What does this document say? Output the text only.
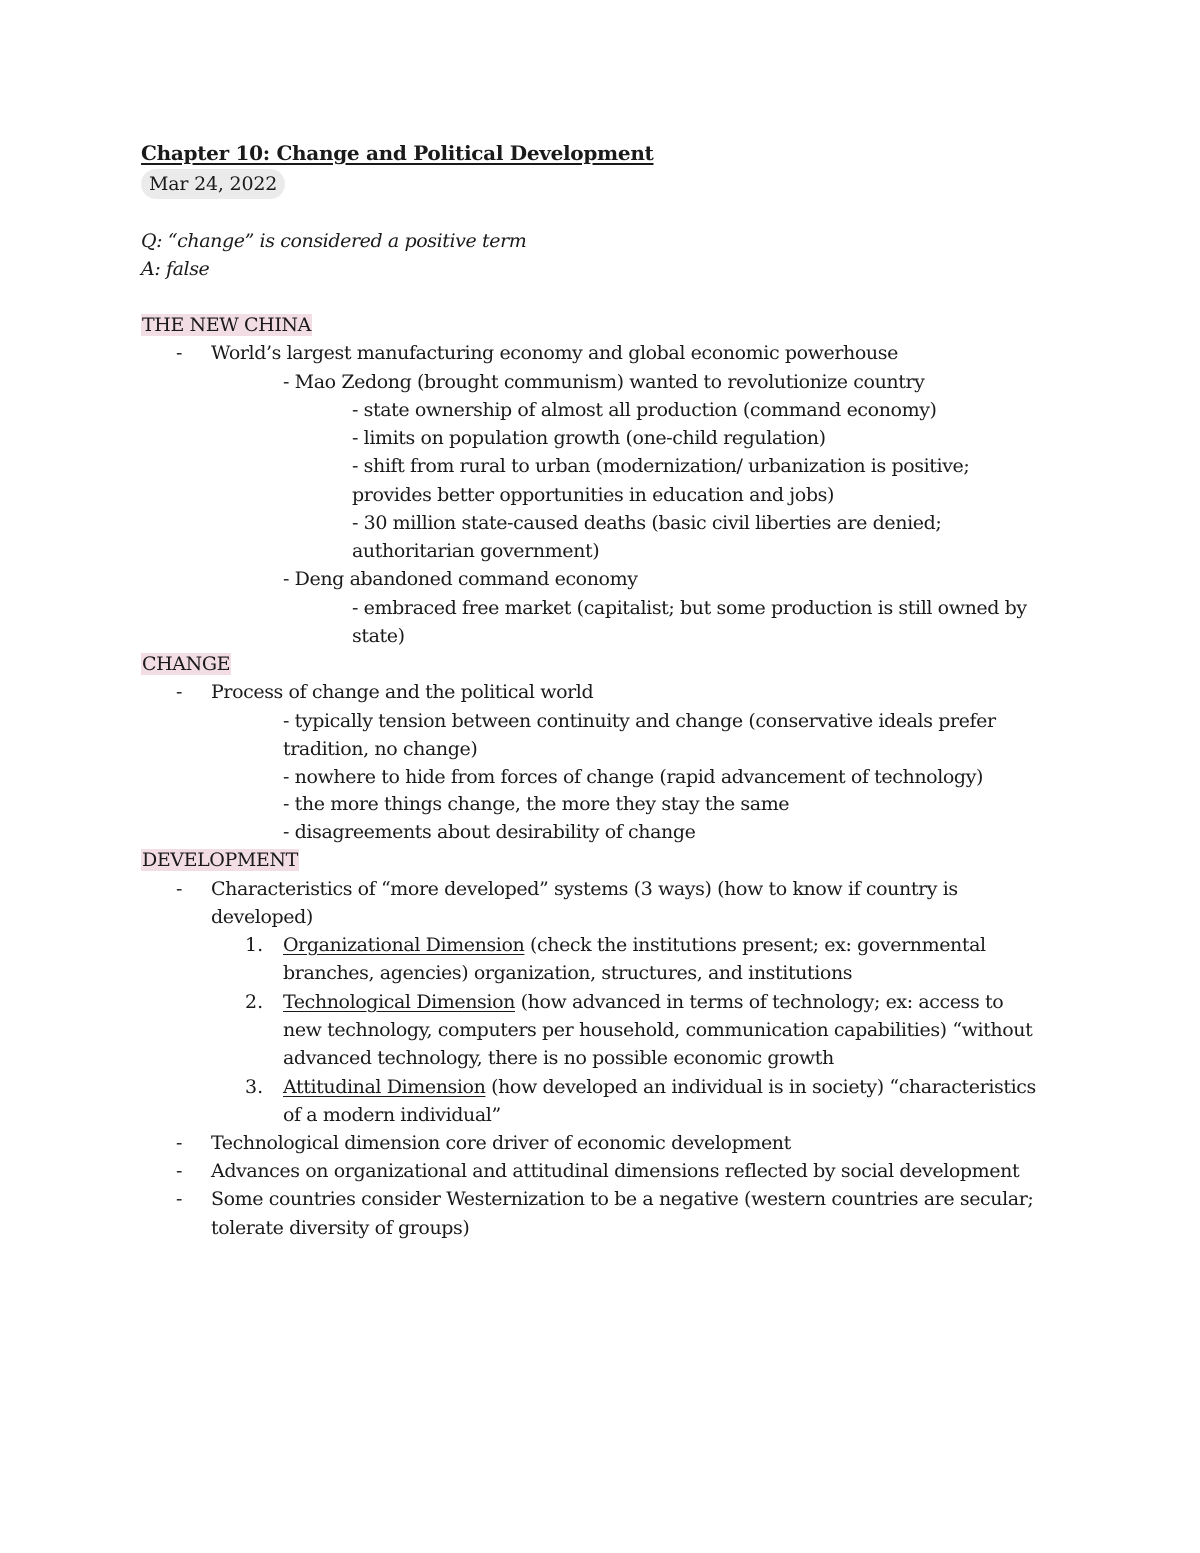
Chapter 10: Change and Political Development
Mar 24, 2022
Q: “change” is considered a positive term
A: false
THE NEW CHINA
- World’s largest manufacturing economy and global economic powerhouse
- Mao Zedong (brought communism) wanted to revolutionize country
- state ownership of almost all production (command economy)
- limits on population growth (one-child regulation)
- shift from rural to urban (modernization/ urbanization is positive;
provides better opportunities in education and jobs)
- 30 million state-caused deaths (basic civil liberties are denied;
authoritarian government)
- Deng abandoned command economy
- embraced free market (capitalist; but some production is still owned by
state)
CHANGE
- Process of change and the political world
- typically tension between continuity and change (conservative ideals prefer
tradition, no change)
- nowhere to hide from forces of change (rapid advancement of technology)
- the more things change, the more they stay the same
- disagreements about desirability of change
DEVELOPMENT
- Characteristics of “more developed” systems (3 ways) (how to know if country is
developed)
1. Organizational Dimension (check the institutions present; ex: governmental
branches, agencies) organization, structures, and institutions
2. Technological Dimension (how advanced in terms of technology; ex: access to
new technology, computers per household, communication capabilities) “without
advanced technology, there is no possible economic growth
3. Attitudinal Dimension (how developed an individual is in society) “characteristics
of a modern individual”
- Technological dimension core driver of economic development
- Advances on organizational and attitudinal dimensions reflected by social development
- Some countries consider Westernization to be a negative (western countries are secular;
tolerate diversity of groups)
